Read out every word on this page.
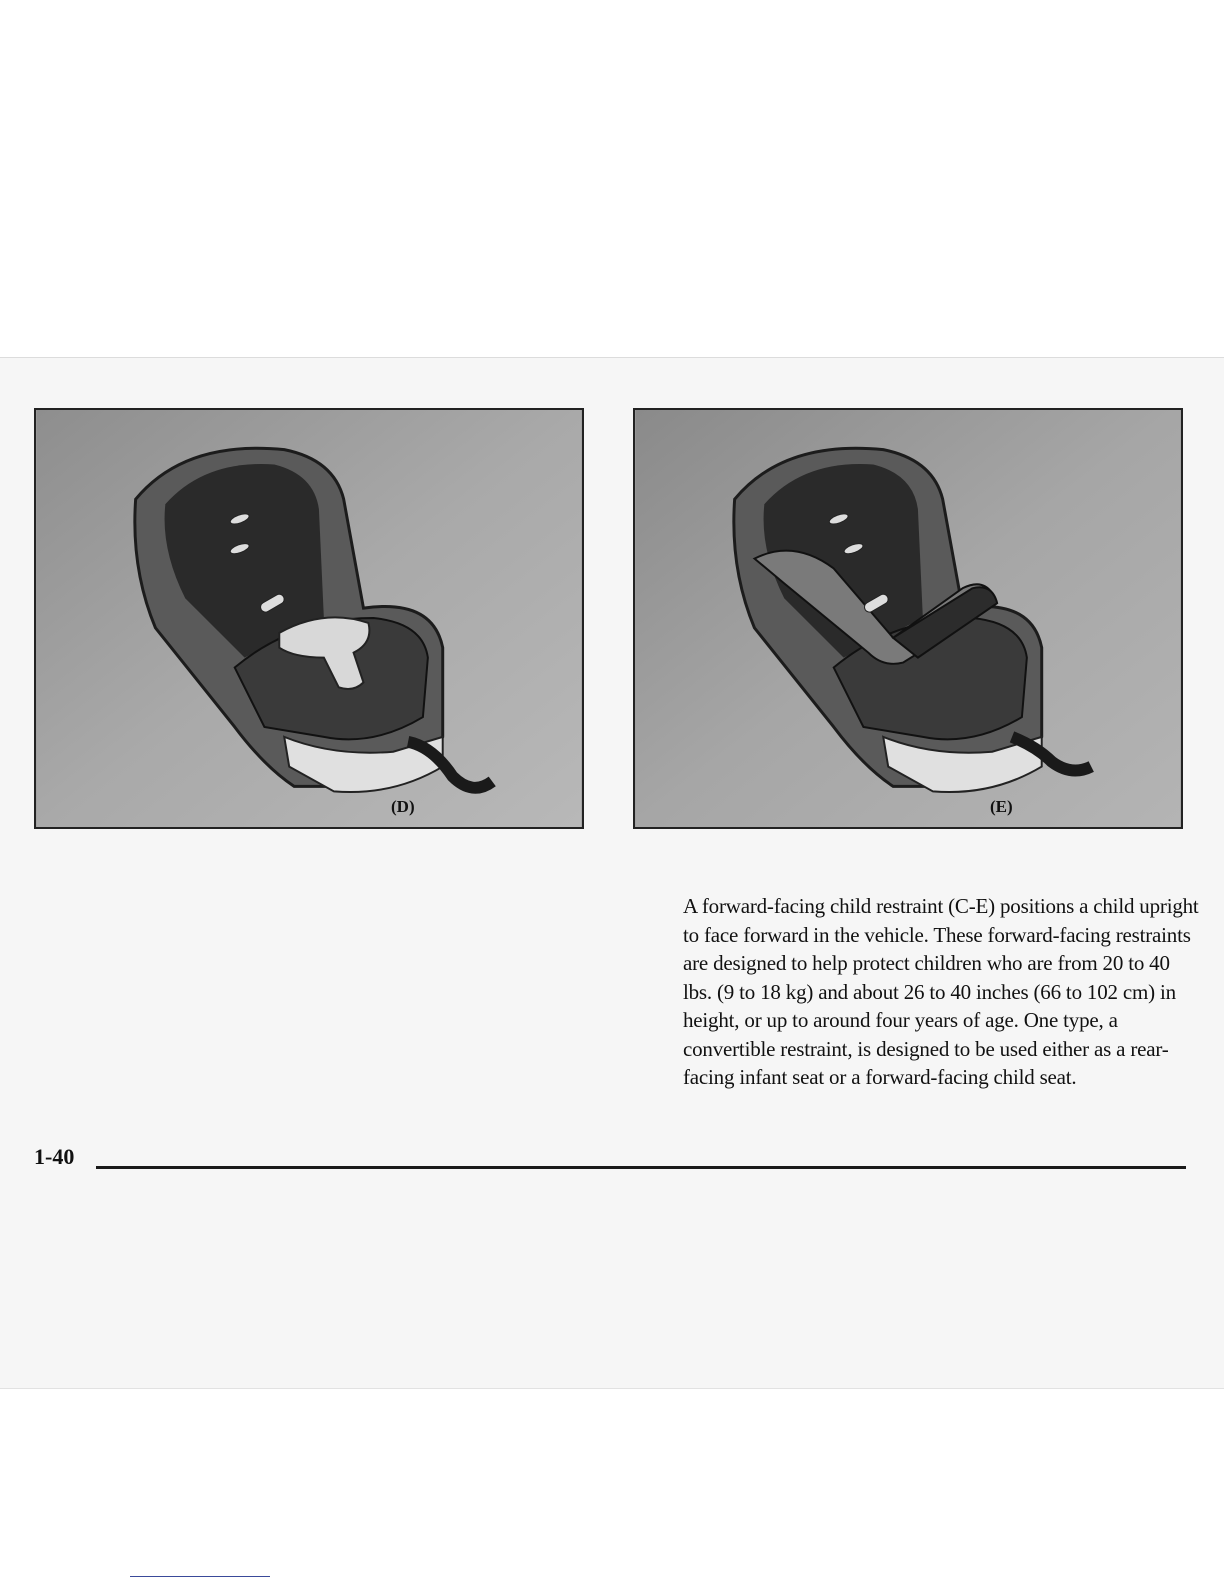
(D)	(E)

A forward-facing child restraint (C-E) positions a child upright to face forward in the vehicle. These forward-facing restraints are designed to help protect children who are from 20 to 40 lbs. (9 to 18 kg) and about 26 to 40 inches (66 to 102 cm) in height, or up to around four years of age. One type, a convertible restraint, is designed to be used either as a rear-facing infant seat or a forward-facing child seat.

1-40
